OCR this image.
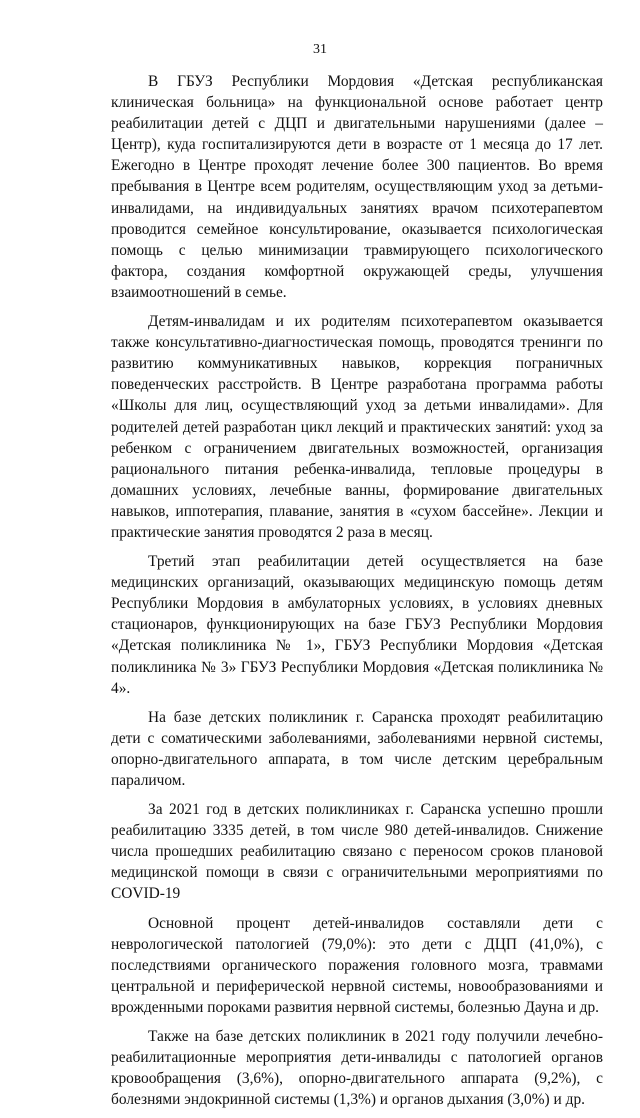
31

В ГБУЗ Республики Мордовия «Детская республиканская клиническая больница» на функциональной основе работает центр реабилитации детей с ДЦП и двигательными нарушениями (далее – Центр), куда госпитализируются дети в возрасте от 1 месяца до 17 лет. Ежегодно в Центре проходят лечение более 300 пациентов. Во время пребывания в Центре всем родителям, осуществляющим уход за детьми-инвалидами, на индивидуальных занятиях врачом психотерапевтом проводится семейное консультирование, оказывается психологическая помощь с целью минимизации травмирующего психологического фактора, создания комфортной окружающей среды, улучшения взаимоотношений в семье.

Детям-инвалидам и их родителям психотерапевтом оказывается также консультативно-диагностическая помощь, проводятся тренинги по развитию коммуникативных навыков, коррекция пограничных поведенческих расстройств. В Центре разработана программа работы «Школы для лиц, осуществляющий уход за детьми инвалидами». Для родителей детей разработан цикл лекций и практических занятий: уход за ребенком с ограничением двигательных возможностей, организация рационального питания ребенка-инвалида, тепловые процедуры в домашних условиях, лечебные ванны, формирование двигательных навыков, иппотерапия, плавание, занятия в «сухом бассейне». Лекции и практические занятия проводятся 2 раза в месяц.

Третий этап реабилитации детей осуществляется на базе медицинских организаций, оказывающих медицинскую помощь детям Республики Мордовия в амбулаторных условиях, в условиях дневных стационаров, функционирующих на базе ГБУЗ Республики Мордовия «Детская поликлиника № 1», ГБУЗ Республики Мордовия «Детская поликлиника № 3» ГБУЗ Республики Мордовия «Детская поликлиника № 4».

На базе детских поликлиник г. Саранска проходят реабилитацию дети с соматическими заболеваниями, заболеваниями нервной системы, опорно-двигательного аппарата, в том числе детским церебральным параличом.

За 2021 год в детских поликлиниках г. Саранска успешно прошли реабилитацию 3335 детей, в том числе 980 детей-инвалидов. Снижение числа прошедших реабилитацию связано с переносом сроков плановой медицинской помощи в связи с ограничительными мероприятиями по COVID-19

Основной процент детей-инвалидов составляли дети с неврологической патологией (79,0%): это дети с ДЦП (41,0%), с последствиями органического поражения головного мозга, травмами центральной и периферической нервной системы, новообразованиями и врожденными пороками развития нервной системы, болезнью Дауна и др.

Также на базе детских поликлиник в 2021 году получили лечебно-реабилитационные мероприятия дети-инвалиды с патологией органов кровообращения (3,6%), опорно-двигательного аппарата (9,2%), с болезнями эндокринной системы (1,3%) и органов дыхания (3,0%) и др.
